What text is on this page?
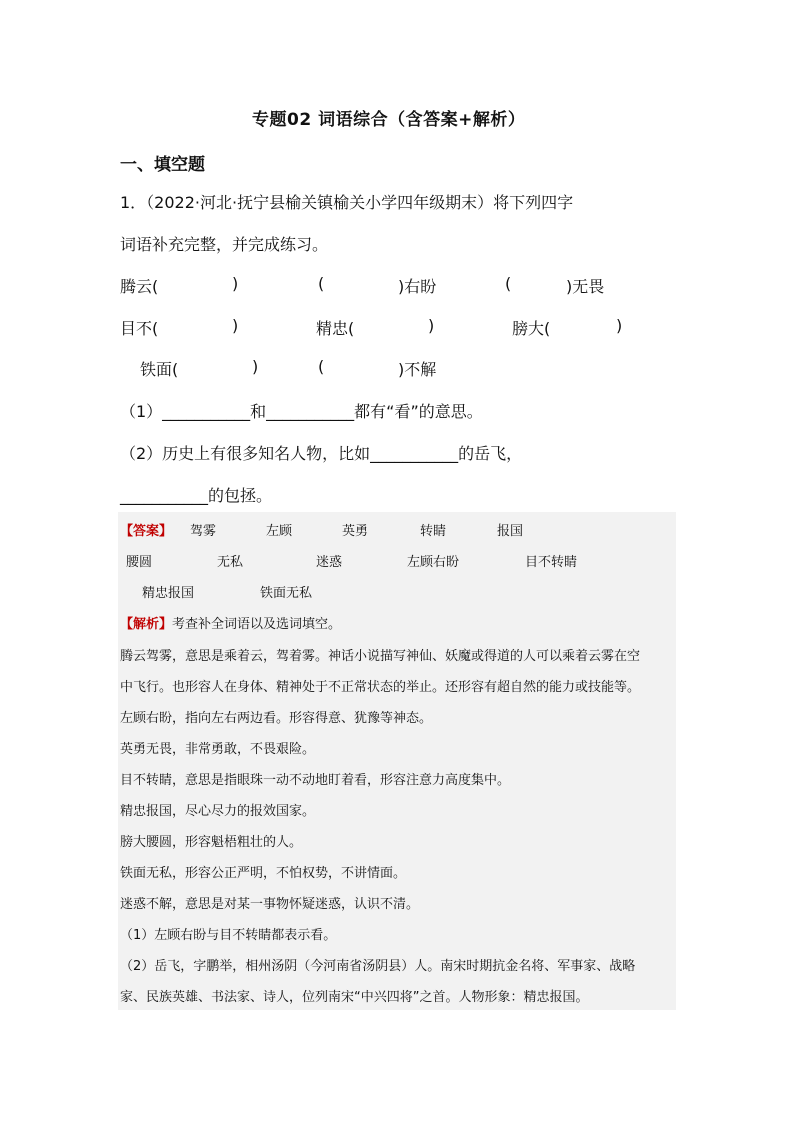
专题02 词语综合（含答案+解析）
一、填空题
1．（2022·河北·抚宁县榆关镇榆关小学四年级期末）将下列四字
词语补充完整，并完成练习。
腾云(	)	(	)右盼	(	)无畏
目不(	)	精忠(	)	膀大(	)
铁面(	)	(	)不解
（1）___________和___________都有“看”的意思。
（2）历史上有很多知名人物，比如___________的岳飞，
___________的包拯。
【答案】 驾雾	左顾	英勇	转睛	报国
腰圆	无私	迷惑	左顾右盼	目不转睛
精忠报国	铁面无私
【解析】考查补全词语以及选词填空。
腾云驾雾，意思是乘着云，驾着雾。神话小说描写神仙、妖魔或得道的人可以乘着云雾在空
中飞行。也形容人在身体、精神处于不正常状态的举止。还形容有超自然的能力或技能等。
左顾右盼，指向左右两边看。形容得意、犹豫等神态。
英勇无畏，非常勇敢，不畏艰险。
目不转睛，意思是指眼珠一动不动地盯着看，形容注意力高度集中。
精忠报国，尽心尽力的报效国家。
膀大腰圆，形容魁梧粗壮的人。
铁面无私，形容公正严明，不怕权势，不讲情面。
迷惑不解，意思是对某一事物怀疑迷惑，认识不清。
（1）左顾右盼与目不转睛都表示看。
（2）岳飞，字鹏举，相州汤阴（今河南省汤阴县）人。南宋时期抗金名将、军事家、战略
家、民族英雄、书法家、诗人，位列南宋“中兴四将”之首。人物形象：精忠报国。
